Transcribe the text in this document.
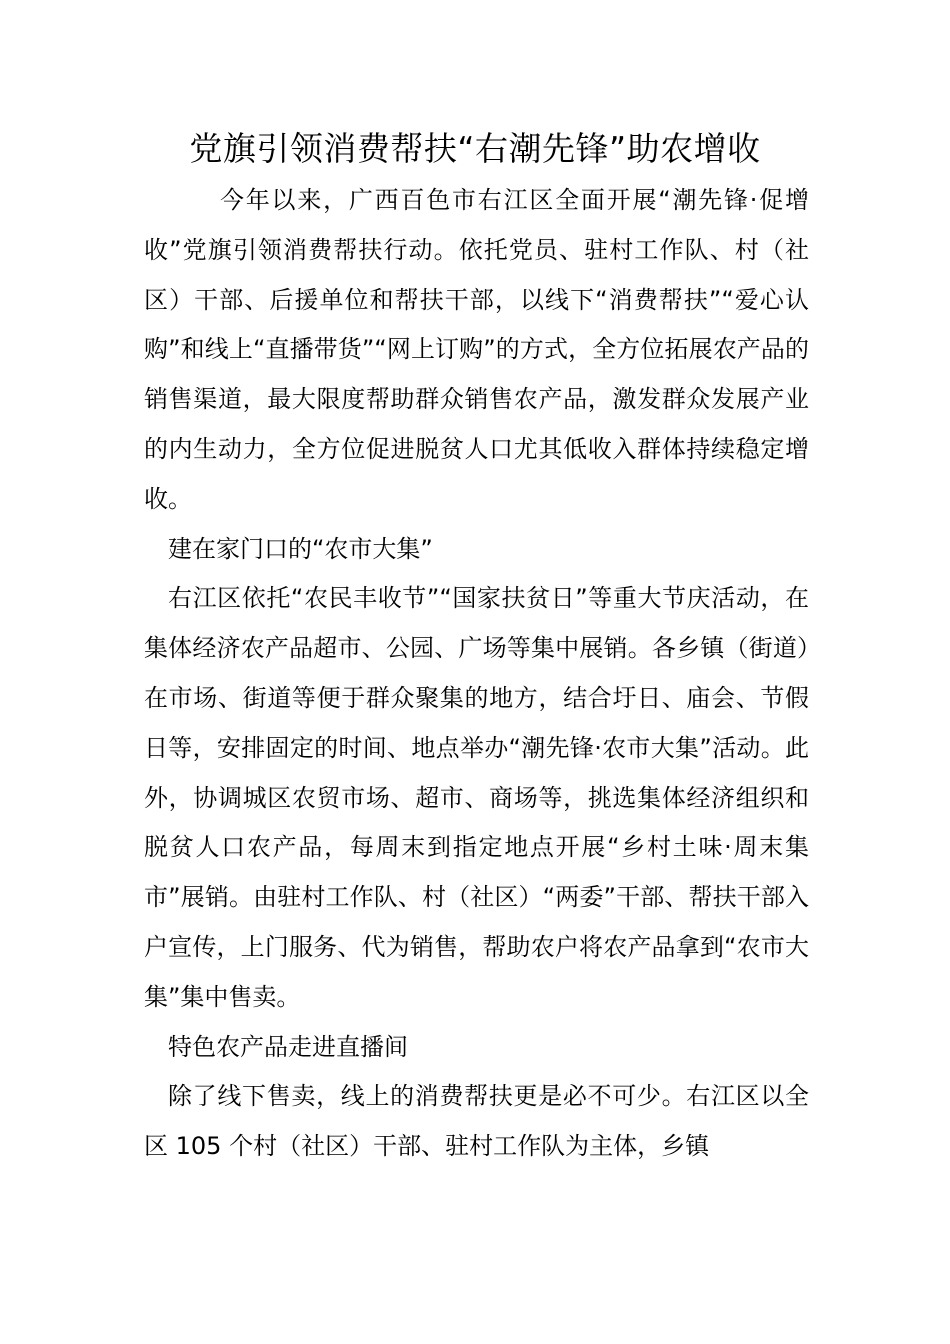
党旗引领消费帮扶“右潮先锋”助农增收

今年以来，广西百色市右江区全面开展“潮先锋·促增收”党旗引领消费帮扶行动。依托党员、驻村工作队、村（社区）干部、后援单位和帮扶干部，以线下“消费帮扶”“爱心认购”和线上“直播带货”“网上订购”的方式，全方位拓展农产品的销售渠道，最大限度帮助群众销售农产品，激发群众发展产业的内生动力，全方位促进脱贫人口尤其低收入群体持续稳定增收。

建在家门口的“农市大集”

右江区依托“农民丰收节”“国家扶贫日”等重大节庆活动，在集体经济农产品超市、公园、广场等集中展销。各乡镇（街道）在市场、街道等便于群众聚集的地方，结合圩日、庙会、节假日等，安排固定的时间、地点举办“潮先锋·农市大集”活动。此外，协调城区农贸市场、超市、商场等，挑选集体经济组织和脱贫人口农产品，每周末到指定地点开展“乡村土味·周末集市”展销。由驻村工作队、村（社区）“两委”干部、帮扶干部入户宣传，上门服务、代为销售，帮助农户将农产品拿到“农市大集”集中售卖。

特色农产品走进直播间

除了线下售卖，线上的消费帮扶更是必不可少。右江区以全区 105 个村（社区）干部、驻村工作队为主体，乡镇
